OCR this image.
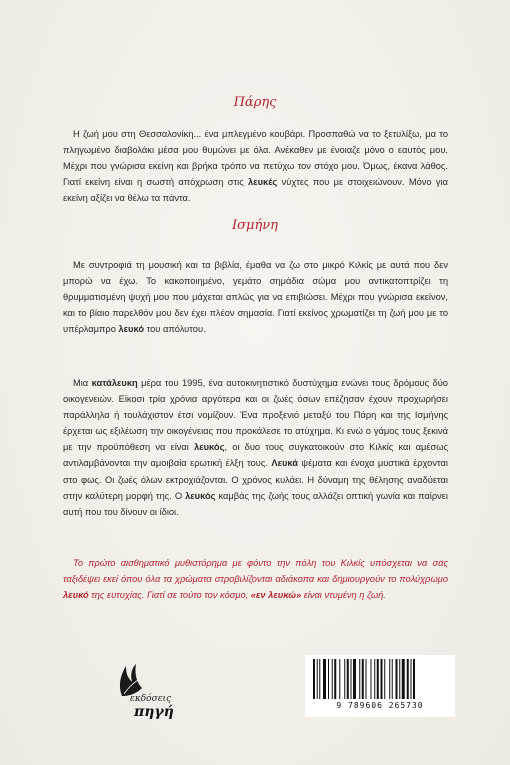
Πάρης

Η ζωή μου στη Θεσσαλονίκη... ένα μπλεγμένο κουβάρι. Προσπαθώ να το ξετυλίξω, μα το πληγωμένο διαβολάκι μέσα μου θυμώνει με όλα. Ανέκαθεν με ένοιαζε μόνο ο εαυτός μου. Μέχρι που γνώρισα εκείνη και βρήκα τρόπο να πετύχω τον στόχο μου. Όμως, έκανα λάθος. Γιατί εκείνη είναι η σωστή απόχρωση στις λευκές νύχτες που με στοιχειώνουν. Μόνο για εκείνη αξίζει να θέλω τα πάντα.

Ισμήνη

Με συντροφιά τη μουσική και τα βιβλία, έμαθα να ζω στο μικρό Κιλκίς με αυτά που δεν μπορώ να έχω. Το κακοποιημένο, γεμάτο σημάδια σώμα μου αντικατοπτρίζει τη θρυμματισμένη ψυχή μου που μάχεται απλώς για να επιβιώσει. Μέχρι που γνώρισα εκείνον, και το βίαιο παρελθόν μου δεν έχει πλέον σημασία. Γιατί εκείνος χρωματίζει τη ζωή μου με το υπέρλαμπρο λευκό του απόλυτου.

Μια κατάλευκη μέρα του 1995, ένα αυτοκινητιστικό δυστύχημα ενώνει τους δρόμους δύο οικογενειών. Είκοσι τρία χρόνια αργότερα και οι ζωές όσων επέζησαν έχουν προχωρήσει παράλληλα ή τουλάχιστον έτσι νομίζουν. Ένα προξενιό μεταξύ του Πάρη και της Ισμήνης έρχεται ως εξιλέωση την οικογένειας που προκάλεσε το ατύχημα. Κι ενώ ο γάμος τους ξεκινά με την προϋπόθεση να είναι λευκός, οι δυο τους συγκατοικούν στο Κιλκίς και αμέσως αντιλαμβάνονται την αμοιβαία ερωτική έλξη τους. Λευκά ψέματα και ένοχα μυστικά έρχονται στο φως. Οι ζωές όλων εκτροχιάζονται. Ο χρόνος κυλάει. Η δύναμη της θέλησης αναδύεται στην καλύτερη μορφή της. Ο λευκός καμβάς της ζωής τους αλλάζει οπτική γωνία και παίρνει αυτή που του δίνουν οι ίδιοι.

Το πρώτο αισθηματικό μυθιστόρημα με φόντο την πόλη του Κιλκίς υπόσχεται να σας ταξιδέψει εκεί όπου όλα τα χρώματα στροβιλίζονται αδιάκοπα και δημιουργούν το πολύχρωμο λευκό της ευτυχίας. Γιατί σε τούτο τον κόσμο, «εν λευκώ» είναι ντυμένη η ζωή.

εκδόσεις
πηγή	9 789606 265730
